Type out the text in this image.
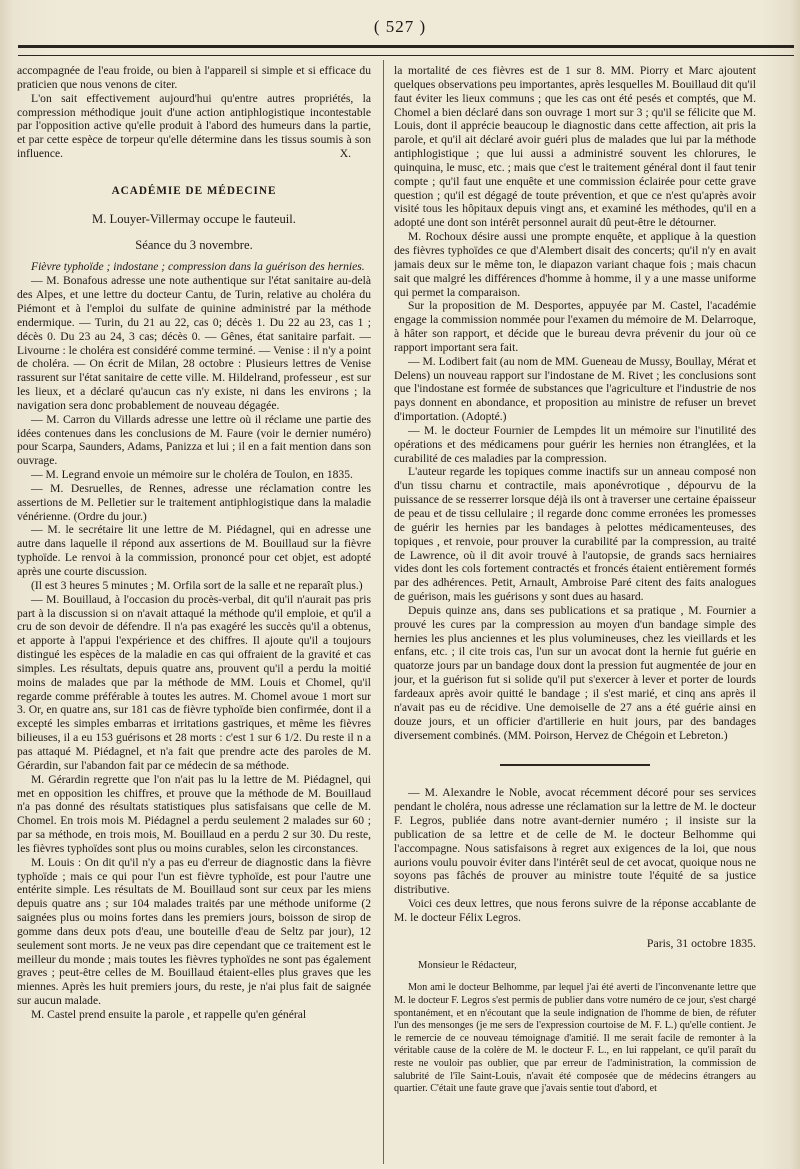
( 527 )

accompagnée de l'eau froide, ou bien à l'appareil si simple et si efficace du praticien que nous venons de citer.

L'on sait effectivement aujourd'hui qu'entre autres propriétés, la compression méthodique jouit d'une action antiphlogistique incontestable par l'opposition active qu'elle produit à l'abord des humeurs dans la partie, et par cette espèce de torpeur qu'elle détermine dans les tissus soumis à son influence.	X.

ACADÉMIE DE MÉDECINE
M. Louyer-Villermay occupe le fauteuil.
Séance du 3 novembre.

Fièvre typhoïde ; indostane ; compression dans la guérison des hernies.

— M. Bonafous adresse une note authentique sur l'état sanitaire au-delà des Alpes, et une lettre du docteur Cantu, de Turin, relative au choléra du Piémont et à l'emploi du sulfate de quinine administré par la méthode endermique. — Turin, du 21 au 22, cas 0; décès 1. Du 22 au 23, cas 1 ; décès 0. Du 23 au 24, 3 cas; décès 0. — Gênes, état sanitaire parfait. — Livourne : le choléra est considéré comme terminé. — Venise : il n'y a point de choléra. — On écrit de Milan, 28 octobre : Plusieurs lettres de Venise rassurent sur l'état sanitaire de cette ville. M. Hildelrand, professeur , est sur les lieux, et a déclaré qu'aucun cas n'y existe, ni dans les environs ; la navigation sera donc probablement de nouveau dégagée.

— M. Carron du Villards adresse une lettre où il réclame une partie des idées contenues dans les conclusions de M. Faure (voir le dernier numéro) pour Scarpa, Saunders, Adams, Panizza et lui ; il en a fait mention dans son ouvrage.

— M. Legrand envoie un mémoire sur le choléra de Toulon, en 1835.

— M. Desruelles, de Rennes, adresse une réclamation contre les assertions de M. Pelletier sur le traitement antiphlogistique dans la maladie vénérienne. (Ordre du jour.)

— M. le secrétaire lit une lettre de M. Piédagnel, qui en adresse une autre dans laquelle il répond aux assertions de M. Bouillaud sur la fièvre typhoïde. Le renvoi à la commission, prononcé pour cet objet, est adopté après une courte discussion.

(Il est 3 heures 5 minutes ; M. Orfila sort de la salle et ne reparaît plus.)

— M. Bouillaud, à l'occasion du procès-verbal, dit qu'il n'aurait pas pris part à la discussion si on n'avait attaqué la méthode qu'il emploie, et qu'il a cru de son devoir de défendre. Il n'a pas exagéré les succès qu'il a obtenus, et apporte à l'appui l'expérience et des chiffres. Il ajoute qu'il a toujours distingué les espèces de la maladie en cas qui offraient de la gravité et cas simples. Les résultats, depuis quatre ans, prouvent qu'il a perdu la moitié moins de malades que par la méthode de MM. Louis et Chomel, qu'il regarde comme préférable à toutes les autres. M. Chomel avoue 1 mort sur 3. Or, en quatre ans, sur 181 cas de fièvre typhoïde bien confirmée, dont il a excepté les simples embarras et irritations gastriques, et même les fièvres bilieuses, il a eu 153 guérisons et 28 morts : c'est 1 sur 6 1/2. Du reste il n a pas attaqué M. Piédagnel, et n'a fait que prendre acte des paroles de M. Gérardin, sur l'abandon fait par ce médecin de sa méthode.

M. Gérardin regrette que l'on n'ait pas lu la lettre de M. Piédagnel, qui met en opposition les chiffres, et prouve que la méthode de M. Bouillaud n'a pas donné des résultats statistiques plus satisfaisans que celle de M. Chomel. En trois mois M. Piédagnel a perdu seulement 2 malades sur 60 ; par sa méthode, en trois mois, M. Bouillaud en a perdu 2 sur 30. Du reste, les fièvres typhoïdes sont plus ou moins curables, selon les circonstances.

M. Louis : On dit qu'il n'y a pas eu d'erreur de diagnostic dans la fièvre typhoïde ; mais ce qui pour l'un est fièvre typhoïde, est pour l'autre une entérite simple. Les résultats de M. Bouillaud sont sur ceux par les miens depuis quatre ans ; sur 104 malades traités par une méthode uniforme (2 saignées plus ou moins fortes dans les premiers jours, boisson de sirop de gomme dans deux pots d'eau, une bouteille d'eau de Seltz par jour), 12 seulement sont morts. Je ne veux pas dire cependant que ce traitement est le meilleur du monde ; mais toutes les fièvres typhoïdes ne sont pas également graves ; peut-être celles de M. Bouillaud étaient-elles plus graves que les miennes. Après les huit premiers jours, du reste, je n'ai plus fait de saignée sur aucun malade.

M. Castel prend ensuite la parole , et rappelle qu'en général

la mortalité de ces fièvres est de 1 sur 8. MM. Piorry et Marc ajoutent quelques observations peu importantes, après lesquelles M. Bouillaud dit qu'il faut éviter les lieux communs ; que les cas ont été pesés et comptés, que M. Chomel a bien déclaré dans son ouvrage 1 mort sur 3 ; qu'il se félicite que M. Louis, dont il apprécie beaucoup le diagnostic dans cette affection, ait pris la parole, et qu'il ait déclaré avoir guéri plus de malades que lui par la méthode antiphlogistique ; que lui aussi a administré souvent les chlorures, le quinquina, le musc, etc. ; mais que c'est le traitement général dont il faut tenir compte ; qu'il faut une enquête et une commission éclairée pour cette grave question ; qu'il est dégagé de toute prévention, et que ce n'est qu'après avoir visité tous les hôpitaux depuis vingt ans, et examiné les méthodes, qu'il en a adopté une dont son intérêt personnel aurait dû peut-être le détourner.

M. Rochoux désire aussi une prompte enquête, et applique à la question des fièvres typhoïdes ce que d'Alembert disait des concerts; qu'il n'y en avait jamais deux sur le même ton, le diapazon variant chaque fois ; mais chacun sait que malgré les différences d'homme à homme, il y a une masse uniforme qui permet la comparaison.

Sur la proposition de M. Desportes, appuyée par M. Castel, l'académie engage la commission nommée pour l'examen du mémoire de M. Delarroque, à hâter son rapport, et décide que le bureau devra prévenir du jour où ce rapport important sera fait.

— M. Lodibert fait (au nom de MM. Gueneau de Mussy, Boullay, Mérat et Delens) un nouveau rapport sur l'indostane de M. Rivet ; les conclusions sont que l'indostane est formée de substances que l'agriculture et l'industrie de nos pays donnent en abondance, et proposition au ministre de refuser un brevet d'importation. (Adopté.)

— M. le docteur Fournier de Lempdes lit un mémoire sur l'inutilité des opérations et des médicamens pour guérir les hernies non étranglées, et la curabilité de ces maladies par la compression.

L'auteur regarde les topiques comme inactifs sur un anneau composé non d'un tissu charnu et contractile, mais aponévrotique , dépourvu de la puissance de se resserrer lorsque déjà ils ont à traverser une certaine épaisseur de peau et de tissu cellulaire ; il regarde donc comme erronées les promesses de guérir les hernies par les bandages à pelottes médicamenteuses, des topiques , et renvoie, pour prouver la curabilité par la compression, au traité de Lawrence, où il dit avoir trouvé à l'autopsie, de grands sacs herniaires vides dont les cols fortement contractés et froncés étaient entièrement formés par des adhérences. Petit, Arnault, Ambroise Paré citent des faits analogues de guérison, mais les guérisons y sont dues au hasard.

Depuis quinze ans, dans ses publications et sa pratique , M. Fournier a prouvé les cures par la compression au moyen d'un bandage simple des hernies les plus anciennes et les plus volumineuses, chez les vieillards et les enfans, etc. ; il cite trois cas, l'un sur un avocat dont la hernie fut guérie en quatorze jours par un bandage doux dont la pression fut augmentée de jour en jour, et la guérison fut si solide qu'il put s'exercer à lever et porter de lourds fardeaux après avoir quitté le bandage ; il s'est marié, et cinq ans après il n'avait pas eu de récidive. Une demoiselle de 27 ans a été guérie ainsi en douze jours, et un officier d'artillerie en huit jours, par des bandages diversement combinés. (MM. Poirson, Hervez de Chégoin et Lebreton.)

— M. Alexandre le Noble, avocat récemment décoré pour ses services pendant le choléra, nous adresse une réclamation sur la lettre de M. le docteur F. Legros, publiée dans notre avant-dernier numéro ; il insiste sur la publication de sa lettre et de celle de M. le docteur Belhomme qui l'accompagne. Nous satisfaisons à regret aux exigences de la loi, que nous aurions voulu pouvoir éviter dans l'intérêt seul de cet avocat, quoique nous ne soyons pas fâchés de prouver au ministre toute l'équité de sa justice distributive.

Voici ces deux lettres, que nous ferons suivre de la réponse accablante de M. le docteur Félix Legros.

Paris, 31 octobre 1835.
Monsieur le Rédacteur,

Mon ami le docteur Belhomme, par lequel j'ai été averti de l'inconvenante lettre que M. le docteur F. Legros s'est permis de publier dans votre numéro de ce jour, s'est chargé spontanément, et en n'écoutant que la seule indignation de l'homme de bien, de réfuter l'un des mensonges (je me sers de l'expression courtoise de M. F. L.) qu'elle contient. Je le remercie de ce nouveau témoignage d'amitié. Il me serait facile de remonter à la véritable cause de la colère de M. le docteur F. L., en lui rappelant, ce qu'il paraît du reste ne vouloir pas oublier, que par erreur de l'administration, la commission de salubrité de l'île Saint-Louis, n'avait été composée que de médecins étrangers au quartier. C'était une faute grave que j'avais sentie tout d'abord, et
